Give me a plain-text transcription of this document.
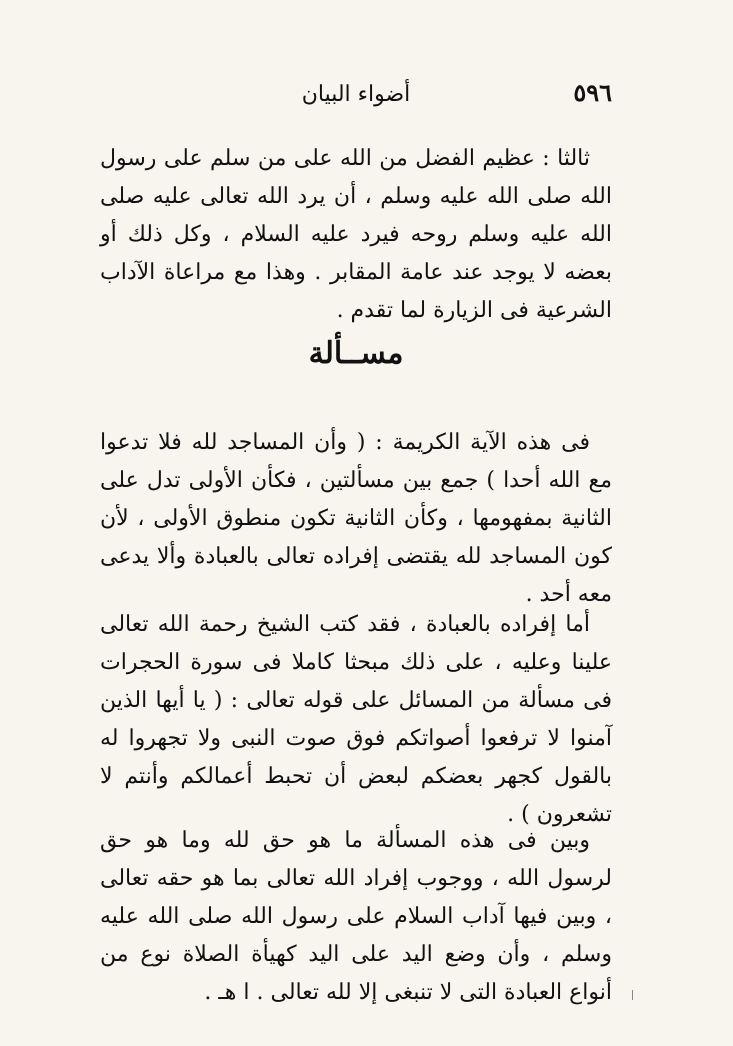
٥٩٦
أضواء البيان

ثالثا : عظيم الفضل من الله على من سلم على رسول الله صلى الله عليه وسلم ، أن يرد الله تعالى عليه صلى الله عليه وسلم روحه فيرد عليه السلام ، وكل ذلك أو بعضه لا يوجد عند عامة المقابر . وهذا مع مراعاة الآداب الشرعية فى الزيارة لما تقدم .

مســألة

فى هذه الآية الكريمة : ( وأن المساجد لله فلا تدعوا مع الله أحدا ) جمع بين مسألتين ، فكأن الأولى تدل على الثانية بمفهومها ، وكأن الثانية تكون منطوق الأولى ، لأن كون المساجد لله يقتضى إفراده تعالى بالعبادة وألا يدعى معه أحد .

أما إفراده بالعبادة ، فقد كتب الشيخ رحمة الله تعالى علينا وعليه ، على ذلك مبحثا كاملا فى سورة الحجرات فى مسألة من المسائل على قوله تعالى : ( يا أيها الذين آمنوا لا ترفعوا أصواتكم فوق صوت النبى ولا تجهروا له بالقول كجهر بعضكم لبعض أن تحبط أعمالكم وأنتم لا تشعرون ) .

وبين فى هذه المسألة ما هو حق لله وما هو حق لرسول الله ، ووجوب إفراد الله تعالى بما هو حقه تعالى ، وبين فيها آداب السلام على رسول الله صلى الله عليه وسلم ، وأن وضع اليد على اليد كهيأة الصلاة نوع من أنواع العبادة التى لا تنبغى إلا لله تعالى . ا هـ .
